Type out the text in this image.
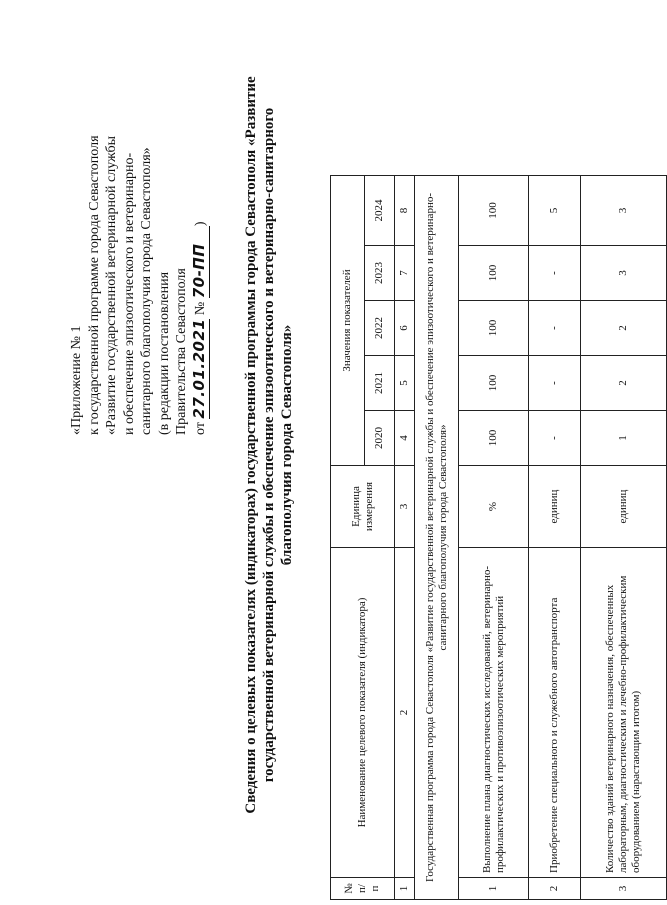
«Приложение № 1 к государственной программе города Севастополя «Развитие государственной ветеринарной службы и обеспечение эпизоотического и ветеринарно- санитарного благополучия города Севастополя» (в редакции постановления Правительства Севастополя от 27.01.2021 № 70-ПП     ) Сведения о целевых показателях (индикаторах) государственной программы города Севастополя «Развитие государственной ветеринарной службы и обеспечение эпизоотического и ветеринарно-санитарного благополучия города Севастополя»
№ п/п	Наименование целевого показателя (индикатора)	Единица измерения	Значения показателей				
			2020	2021	2022	2023	2024
1	2	3	4	5	6	7	8
Государственная программа города Севастополя «Развитие государственной ветеринарной службы и обеспечение эпизоотического и ветеринарно-санитарного благополучия города Севастополя»							
1	Выполнение плана диагностических исследований, ветеринарно-профилактических и противоэпизоотических мероприятий	%	100	100	100	100	100
2	Приобретение специального и служебного автотранспорта	единиц	-	-	-	-	5
3	Количество зданий ветеринарного назначения, обеспеченных лабораторным, диагностическим и лечебно-профилактическим оборудованием (нарастающим итогом)	единиц	1	2	2	3	3
